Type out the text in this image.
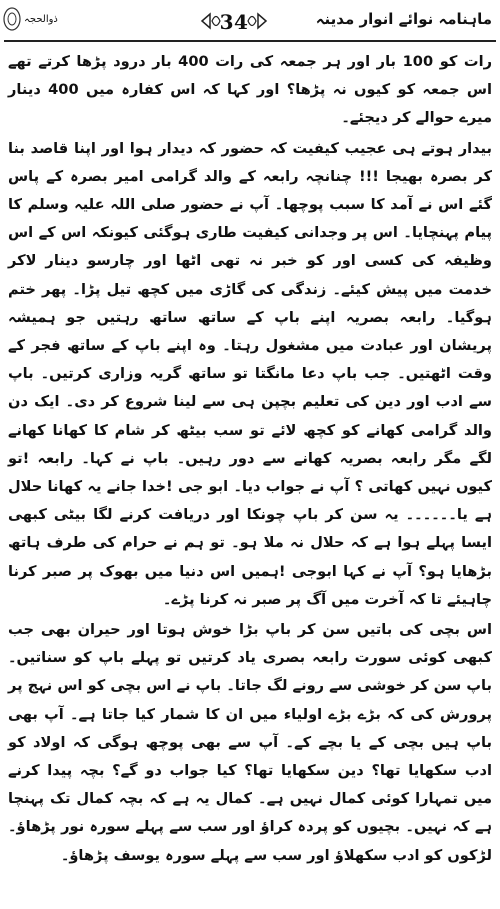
ماہنامہ نوائے انوار مدینہ
34
ذوالحجہ

رات کو 100 بار اور ہر جمعہ کی رات 400 بار درود پڑھا کرتے تھے اس جمعہ کو کیوں نہ پڑھا؟ اور کہا کہ اس کفارہ میں 400 دینار میرے حوالے کر دیجئے۔

بیدار ہوتے ہی عجیب کیفیت کہ حضور کہ دیدار ہوا اور اپنا قاصد بنا کر بصرہ بھیجا !!! چنانچہ رابعہ کے والد گرامی امیر بصرہ کے پاس گئے اس نے آمد کا سبب پوچھا۔ آپ نے حضور صلی اللہ علیہ وسلم کا پیام پہنچایا۔ اس پر وجدانی کیفیت طاری ہوگئی کیونکہ اس کے اس وظیفہ کی کسی اور کو خبر نہ تھی اٹھا اور چارسو دینار لاکر خدمت میں پیش کیئے۔ زندگی کی گاڑی میں کچھ تیل پڑا۔ پھر ختم ہوگیا۔ رابعہ بصریہ اپنے باپ کے ساتھ ساتھ رہتیں جو ہمیشہ پریشان اور عبادت میں مشغول رہتا۔ وہ اپنے باپ کے ساتھ فجر کے وقت اٹھتیں۔ جب باپ دعا مانگتا تو ساتھ گریہ وزاری کرتیں۔ باپ سے ادب اور دین کی تعلیم بچپن ہی سے لینا شروع کر دی۔ ایک دن والد گرامی کھانے کو کچھ لائے تو سب بیٹھ کر شام کا کھانا کھانے لگے مگر رابعہ بصریہ کھانے سے دور رہیں۔ باپ نے کہا۔ رابعہ !تو کیوں نہیں کھاتی ؟ آپ نے جواب دیا۔ ابو جی !خدا جانے یہ کھانا حلال ہے یا۔۔۔۔۔۔ یہ سن کر باپ چونکا اور دریافت کرنے لگا بیٹی کبھی ایسا پہلے ہوا ہے کہ حلال نہ ملا ہو۔ تو ہم نے حرام کی طرف ہاتھ بڑھایا ہو؟ آپ نے کہا ابوجی !ہمیں اس دنیا میں بھوک پر صبر کرنا چاہیئے تا کہ آخرت میں آگ پر صبر نہ کرنا پڑے۔

اس بچی کی باتیں سن کر باپ بڑا خوش ہوتا اور حیران بھی جب کبھی کوئی سورت رابعہ بصری یاد کرتیں تو پہلے باپ کو سناتیں۔ باپ سن کر خوشی سے رونے لگ جاتا۔ باپ نے اس بچی کو اس نہج پر پرورش کی کہ بڑے بڑے اولیاء میں ان کا شمار کیا جاتا ہے۔ آپ بھی باپ ہیں بچی کے یا بچے کے۔ آپ سے بھی پوچھ ہوگی کہ اولاد کو ادب سکھایا تھا؟ دین سکھایا تھا؟ کیا جواب دو گے؟ بچہ پیدا کرنے میں تمہارا کوئی کمال نہیں ہے۔ کمال یہ ہے کہ بچہ کمال تک پہنچا ہے کہ نہیں۔ بچیوں کو پردہ کراؤ اور سب سے پہلے سورہ نور پڑھاؤ۔ لڑکوں کو ادب سکھلاؤ اور سب سے پہلے سورہ یوسف پڑھاؤ۔
